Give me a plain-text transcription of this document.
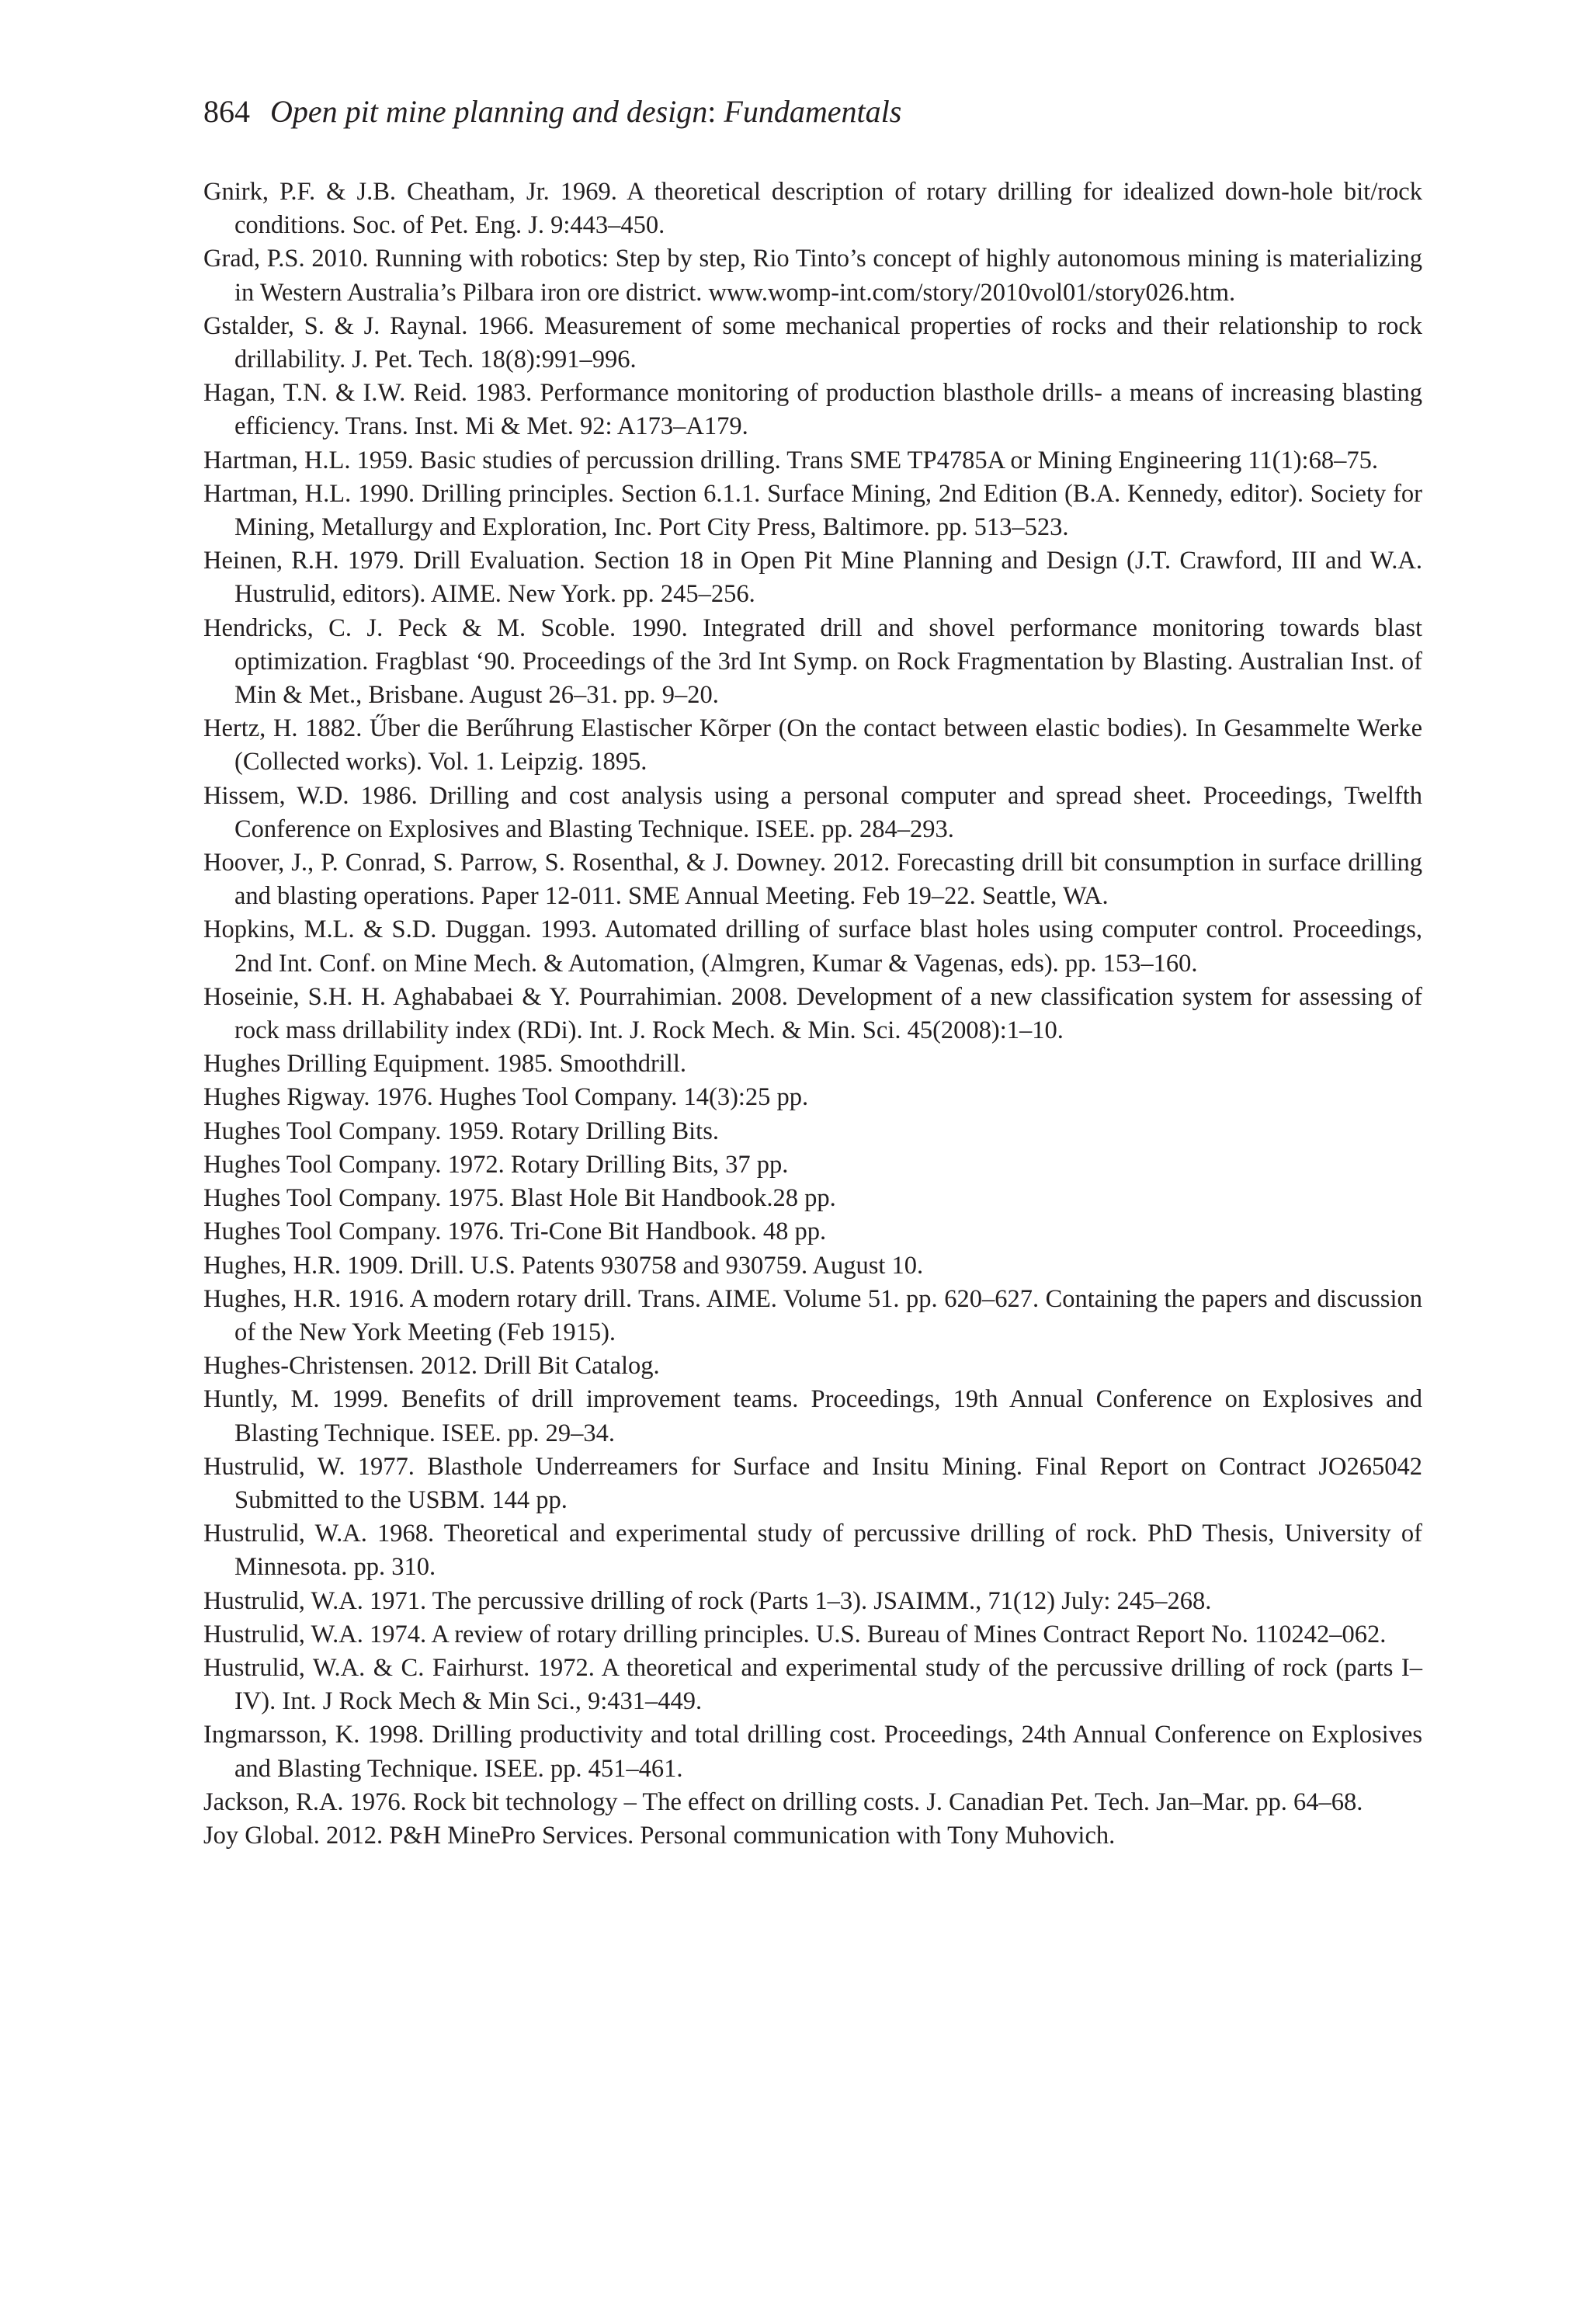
864 Open pit mine planning and design: Fundamentals
Gnirk, P.F. & J.B. Cheatham, Jr. 1969. A theoretical description of rotary drilling for idealized down-hole bit/rock conditions. Soc. of Pet. Eng. J. 9:443–450.
Grad, P.S. 2010. Running with robotics: Step by step, Rio Tinto’s concept of highly autonomous mining is materializing in Western Australia’s Pilbara iron ore district. www.womp-int.com/story/2010vol01/story026.htm.
Gstalder, S. & J. Raynal. 1966. Measurement of some mechanical properties of rocks and their relationship to rock drillability. J. Pet. Tech. 18(8):991–996.
Hagan, T.N. & I.W. Reid. 1983. Performance monitoring of production blasthole drills- a means of increasing blasting efficiency. Trans. Inst. Mi & Met. 92: A173–A179.
Hartman, H.L. 1959. Basic studies of percussion drilling. Trans SME TP4785A or Mining Engineering 11(1):68–75.
Hartman, H.L. 1990. Drilling principles. Section 6.1.1. Surface Mining, 2nd Edition (B.A. Kennedy, editor). Society for Mining, Metallurgy and Exploration, Inc. Port City Press, Baltimore. pp. 513–523.
Heinen, R.H. 1979. Drill Evaluation. Section 18 in Open Pit Mine Planning and Design (J.T. Crawford, III and W.A. Hustrulid, editors). AIME. New York. pp. 245–256.
Hendricks, C. J. Peck & M. Scoble. 1990. Integrated drill and shovel performance monitoring towards blast optimization. Fragblast ‘90. Proceedings of the 3rd Int Symp. on Rock Fragmentation by Blasting. Australian Inst. of Min & Met., Brisbane. August 26–31. pp. 9–20.
Hertz, H. 1882. Űber die Berűhrung Elastischer Kõrper (On the contact between elastic bodies). In Gesammelte Werke (Collected works). Vol. 1. Leipzig. 1895.
Hissem, W.D. 1986. Drilling and cost analysis using a personal computer and spread sheet. Proceedings, Twelfth Conference on Explosives and Blasting Technique. ISEE. pp. 284–293.
Hoover, J., P. Conrad, S. Parrow, S. Rosenthal, & J. Downey. 2012. Forecasting drill bit consumption in surface drilling and blasting operations. Paper 12-011. SME Annual Meeting. Feb 19–22. Seattle, WA.
Hopkins, M.L. & S.D. Duggan. 1993. Automated drilling of surface blast holes using computer control. Proceedings, 2nd Int. Conf. on Mine Mech. & Automation, (Almgren, Kumar & Vagenas, eds). pp. 153–160.
Hoseinie, S.H. H. Aghababaei & Y. Pourrahimian. 2008. Development of a new classification system for assessing of rock mass drillability index (RDi). Int. J. Rock Mech. & Min. Sci. 45(2008):1–10.
Hughes Drilling Equipment. 1985. Smoothdrill.
Hughes Rigway. 1976. Hughes Tool Company. 14(3):25 pp.
Hughes Tool Company. 1959. Rotary Drilling Bits.
Hughes Tool Company. 1972. Rotary Drilling Bits, 37 pp.
Hughes Tool Company. 1975. Blast Hole Bit Handbook.28 pp.
Hughes Tool Company. 1976. Tri-Cone Bit Handbook. 48 pp.
Hughes, H.R. 1909. Drill. U.S. Patents 930758 and 930759. August 10.
Hughes, H.R. 1916. A modern rotary drill. Trans. AIME. Volume 51. pp. 620–627. Containing the papers and discussion of the New York Meeting (Feb 1915).
Hughes-Christensen. 2012. Drill Bit Catalog.
Huntly, M. 1999. Benefits of drill improvement teams. Proceedings, 19th Annual Conference on Explosives and Blasting Technique. ISEE. pp. 29–34.
Hustrulid, W. 1977. Blasthole Underreamers for Surface and Insitu Mining. Final Report on Contract JO265042 Submitted to the USBM. 144 pp.
Hustrulid, W.A. 1968. Theoretical and experimental study of percussive drilling of rock. PhD Thesis, University of Minnesota. pp. 310.
Hustrulid, W.A. 1971. The percussive drilling of rock (Parts 1–3). JSAIMM., 71(12) July: 245–268.
Hustrulid, W.A. 1974. A review of rotary drilling principles. U.S. Bureau of Mines Contract Report No. 110242–062.
Hustrulid, W.A. & C. Fairhurst. 1972. A theoretical and experimental study of the percussive drilling of rock (parts I–IV). Int. J Rock Mech & Min Sci., 9:431–449.
Ingmarsson, K. 1998. Drilling productivity and total drilling cost. Proceedings, 24th Annual Conference on Explosives and Blasting Technique. ISEE. pp. 451–461.
Jackson, R.A. 1976. Rock bit technology – The effect on drilling costs. J. Canadian Pet. Tech. Jan–Mar. pp. 64–68.
Joy Global. 2012. P&H MinePro Services. Personal communication with Tony Muhovich.
